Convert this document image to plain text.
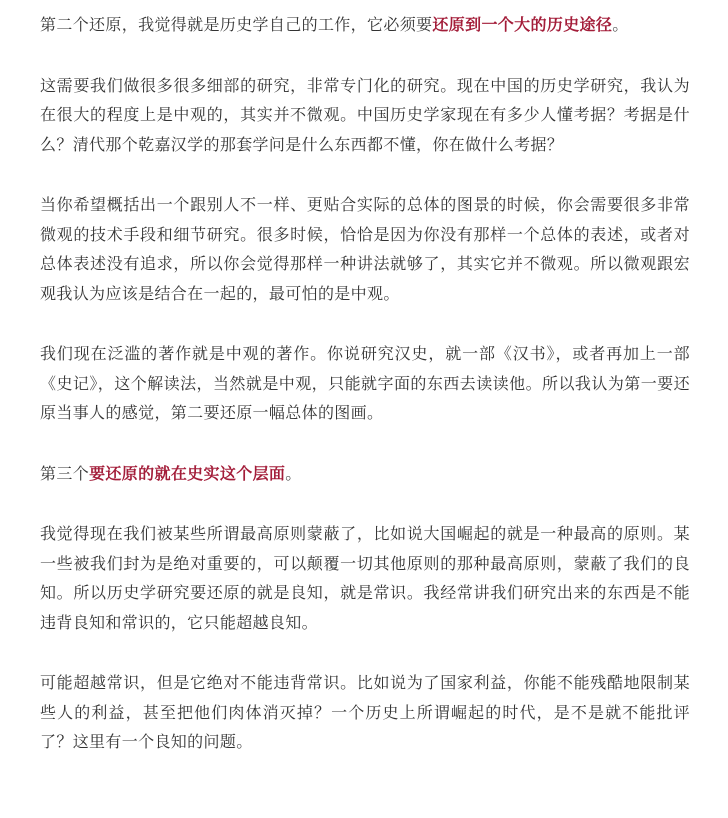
第二个还原，我觉得就是历史学自己的工作，它必须要还原到一个大的历史途径。

这需要我们做很多很多细部的研究，非常专门化的研究。现在中国的历史学研究，我认为在很大的程度上是中观的，其实并不微观。中国历史学家现在有多少人懂考据？考据是什么？清代那个乾嘉汉学的那套学问是什么东西都不懂，你在做什么考据？

当你希望概括出一个跟别人不一样、更贴合实际的总体的图景的时候，你会需要很多非常微观的技术手段和细节研究。很多时候，恰恰是因为你没有那样一个总体的表述，或者对总体表述没有追求，所以你会觉得那样一种讲法就够了，其实它并不微观。所以微观跟宏观我认为应该是结合在一起的，最可怕的是中观。

我们现在泛滥的著作就是中观的著作。你说研究汉史，就一部《汉书》，或者再加上一部《史记》，这个解读法，当然就是中观，只能就字面的东西去读读他。所以我认为第一要还原当事人的感觉，第二要还原一幅总体的图画。

第三个要还原的就在史实这个层面。

我觉得现在我们被某些所谓最高原则蒙蔽了，比如说大国崛起的就是一种最高的原则。某一些被我们封为是绝对重要的，可以颠覆一切其他原则的那种最高原则，蒙蔽了我们的良知。所以历史学研究要还原的就是良知，就是常识。我经常讲我们研究出来的东西是不能违背良知和常识的，它只能超越良知。

可能超越常识，但是它绝对不能违背常识。比如说为了国家利益，你能不能残酷地限制某些人的利益，甚至把他们肉体消灭掉？一个历史上所谓崛起的时代，是不是就不能批评了？这里有一个良知的问题。
